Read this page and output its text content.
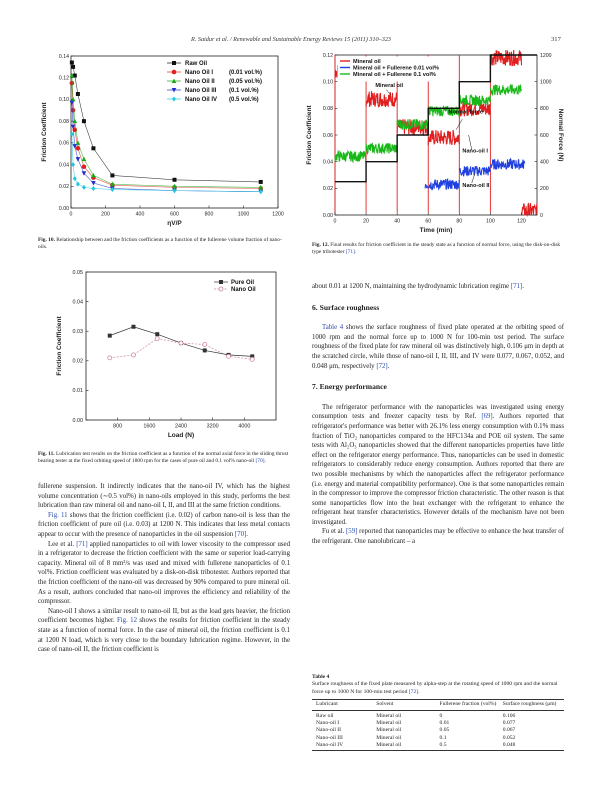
R. Saidur et al. / Renewable and Sustainable Energy Reviews 15 (2011) 310–323	317
0.00
0.02
0.04
0.06
0.08
0.10
0.12
0.14
0	200	400	600	800	1000	1200
ηV/P
Friction Coefficient
Raw Oil
Nano Oil I	(0.01 vol.%)
Nano Oil II (0.05 vol.%)
Nano Oil III (0.1 vol.%)
Nano Oil IV (0.5 vol.%)
Fig. 10. Relationship between and the friction coefficients as a function of the fullerene volume fraction of nano-oils.
0.00
0.02
0.04
0.06
0.08
0.10
0.12
0
200
400
600
800
1000
1200
0	20	40	60	80	100	120
Time (min)
Friction Coefficient	Normal Force (N)
Mineral oil
Mineral oil + Fullerene 0.01 vol%
Mineral oil + Fullerene 0.1 vol%
Mineral oil
Normal force
Nano-oil I
Nano-oil II
Fig. 12. Final results for friction coefficient in the steady state as a function of normal force, using the disk-on-disk type tribotester [71].
0.00
0.01
0.02
0.03
0.04
0.05
800	1600	2400	3200	4000
Load (N)
Friction Coefficient
Pure Oil
Nano Oil
Fig. 11. Lubrication test results on the friction coefficient as a function of the normal axial force in the sliding thrust bearing tester at the fixed orbiting speed of 1800 rpm for the cases of pure oil and 0.1 vol% nano-oil [70].

fullerene suspension. It indirectly indicates that the nano-oil IV, which has the highest volume concentration (∼0.5 vol%) in nano-oils employed in this study, performs the best lubrication than raw mineral oil and nano-oil I, II, and III at the same friction conditions.

Fig. 11 shows that the friction coefficient (i.e. 0.02) of carbon nano-oil is less than the friction coefficient of pure oil (i.e. 0.03) at 1200 N. This indicates that less metal contacts appear to occur with the presence of nanoparticles in the oil suspension [70].

Lee et al. [71] applied nanoparticles to oil with lower viscosity to the compressor used in a refrigerator to decrease the friction coefficient with the same or superior load-carrying capacity. Mineral oil of 8 mm²/s was used and mixed with fullerene nanoparticles of 0.1 vol%. Friction coefficient was evaluated by a disk-on-disk tribotester. Authors reported that the friction coefficient of the nano-oil was decreased by 90% compared to pure mineral oil. As a result, authors concluded that nano-oil improves the efficiency and reliability of the compressor.

Nano-oil I shows a similar result to nano-oil II, but as the load gets heavier, the friction coefficient becomes higher. Fig. 12 shows the results for friction coefficient in the steady state as a function of normal force. In the case of mineral oil, the friction coefficient is 0.1 at 1200 N load, which is very close to the boundary lubrication regime. However, in the case of nano-oil II, the friction coefficient is

about 0.01 at 1200 N, maintaining the hydrodynamic lubrication regime [71].

6. Surface roughness

Table 4 shows the surface roughness of fixed plate operated at the orbiting speed of 1000 rpm and the normal force up to 1000 N for 100-min test period. The surface roughness of the fixed plate for raw mineral oil was distinctively high, 0.106 μm in depth at the scratched circle, while those of nano-oil I, II, III, and IV were 0.077, 0.067, 0.052, and 0.048 μm, respectively [72].

7. Energy performance

The refrigerator performance with the nanoparticles was investigated using energy consumption tests and freezer capacity tests by Ref. [69]. Authors reported that refrigerator's performance was better with 26.1% less energy consumption with 0.1% mass fraction of TiO₂ nanoparticles compared to the HFC134a and POE oil system. The same tests with Al₂O₃ nanoparticles showed that the different nanoparticles properties have little effect on the refrigerator energy performance. Thus, nanoparticles can be used in domestic refrigerators to considerably reduce energy consumption. Authors reported that there are two possible mechanisms by which the nanoparticles affect the refrigerator performance (i.e. energy and material compatibility performance). One is that some nanoparticles remain in the compressor to improve the compressor friction characteristic. The other reason is that some nanoparticles flow into the heat exchanger with the refrigerant to enhance the refrigerant heat transfer characteristics. However details of the mechanism have not been investigated.

Fu et al. [59] reported that nanoparticles may be effective to enhance the heat transfer of the refrigerant. One nanolubricant – a

Table 4
Surface roughness of the fixed plate measured by alpha-step at the rotating speed of 1000 rpm and the normal force up to 1000 N for 100-min test period [72].
Lubricant	Solvent	Fullerene fraction (vol%)	Surface roughness (μm)
Raw oil	Mineral oil	0	0.106
Nano-oil I	Mineral oil	0.01	0.077
Nano-oil II	Mineral oil	0.05	0.067
Nano-oil III	Mineral oil	0.1	0.052
Nano-oil IV	Mineral oil	0.5	0.048
